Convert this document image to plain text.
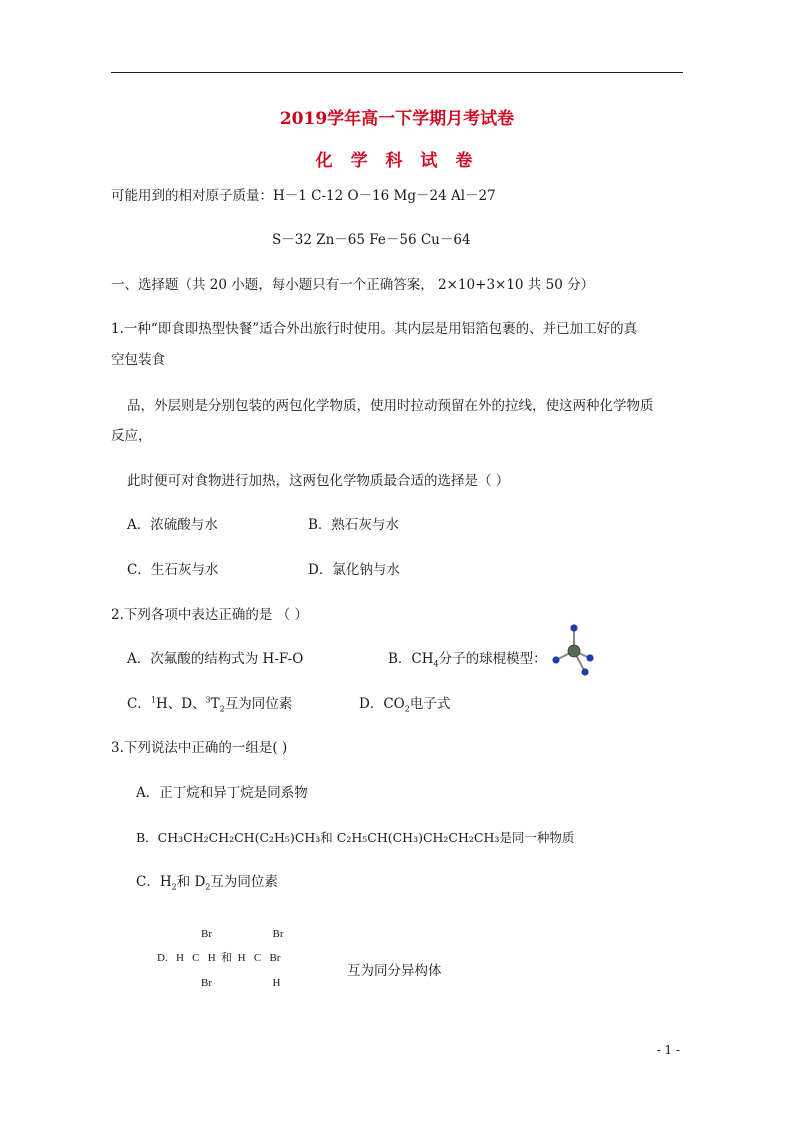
2019学年高一下学期月考试卷
化 学 科 试 卷
可能用到的相对原子质量：H－1 C-12 O－16 Mg－24 Al－27
S－32 Zn－65 Fe－56 Cu－64
一、选择题（共 20 小题，每小题只有一个正确答案， 2×10+3×10 共 50 分）
1.一种“即食即热型快餐”适合外出旅行时使用。其内层是用铝箔包裹的、并已加工好的真
空包装食
品，外层则是分别包装的两包化学物质，使用时拉动预留在外的拉线，使这两种化学物质
反应，
此时便可对食物进行加热，这两包化学物质最合适的选择是（ ）
A．浓硫酸与水	B．熟石灰与水
C．生石灰与水	D．氯化钠与水
2.下列各项中表达正确的是 （ ）
A．次氟酸的结构式为 H-F-O	B．$CH_4$分子的球棍模型：
C．$^1$H、D、$^3T_2$互为同位素	D．$CO_2$电子式
3.下列说法中正确的一组是( )
A．正丁烷和异丁烷是同系物
B．CH₃CH₂CH₂CH(C₂H₅)CH₃和 C₂H₅CH(CH₃)CH₂CH₂CH₃是同一种物质
C．$H_2$和 $D_2$互为同位素
Br                      Br
D.   H   C   H  和  H   C   Br
Br                      H
互为同分异构体
- 1 -
